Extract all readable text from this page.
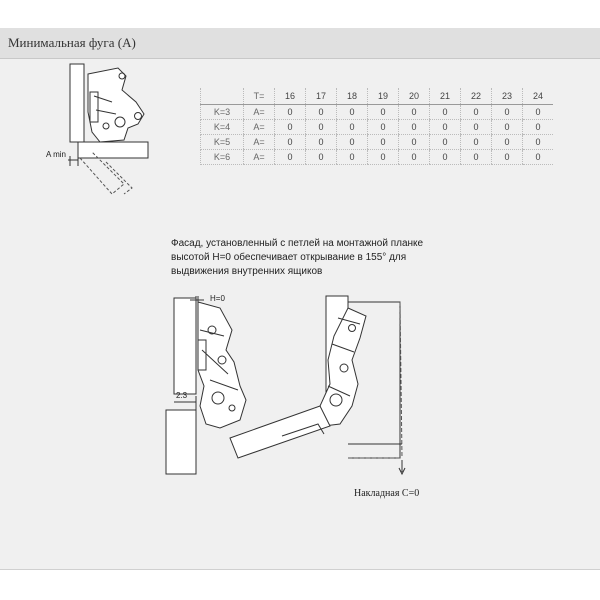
Минимальная фуга (A)
A min
	T=	16	17	18	19	20	21	22	23	24
K=3	A=	0	0	0	0	0	0	0	0	0
K=4	A=	0	0	0	0	0	0	0	0	0
K=5	A=	0	0	0	0	0	0	0	0	0
K=6	A=	0	0	0	0	0	0	0	0	0
Фасад, установленный с петлей на монтажной планке
высотой H=0 обеспечивает открывание в 155° для
выдвижения внутренних ящиков
H=0
2.3
Накладная С=0
